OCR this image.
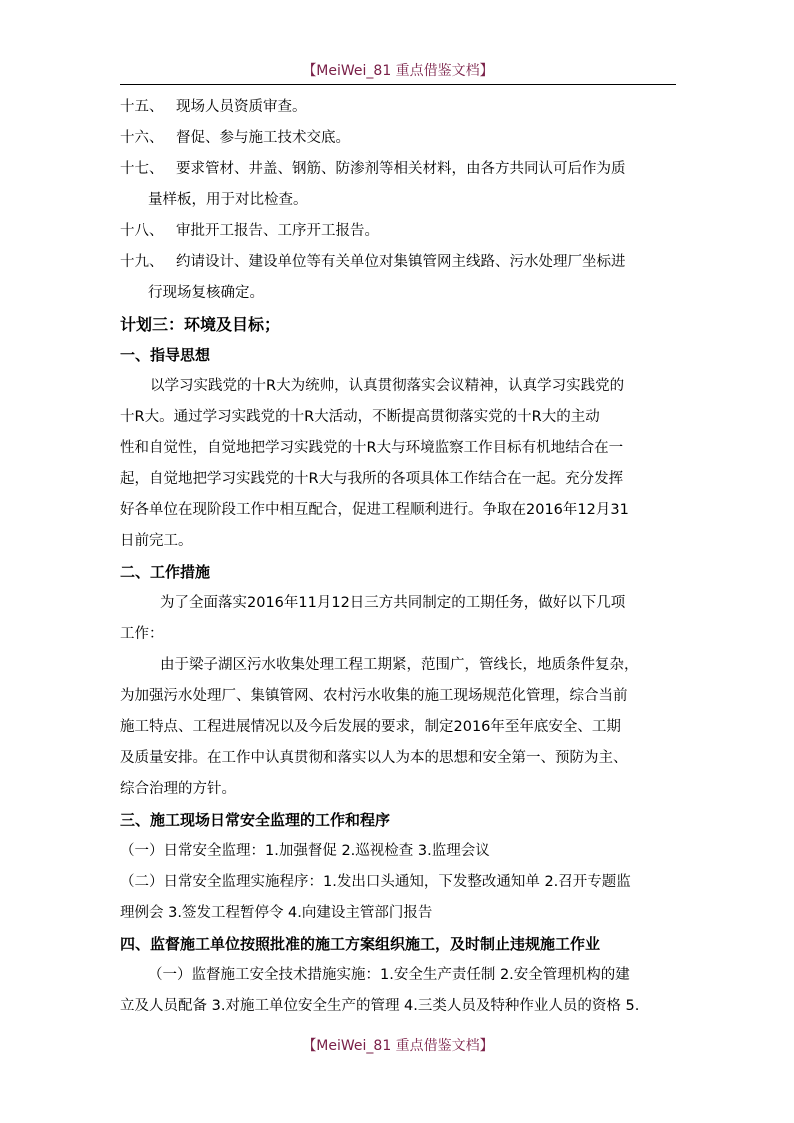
【MeiWei_81 重点借鉴文档】
十五、 现场人员资质审查。
十六、 督促、参与施工技术交底。
十七、 要求管材、井盖、钢筋、防渗剂等相关材料，由各方共同认可后作为质
量样板，用于对比检查。
十八、 审批开工报告、工序开工报告。
十九、 约请设计、建设单位等有关单位对集镇管网主线路、污水处理厂坐标进
行现场复核确定。
计划三：环境及目标；
一、指导思想
以学习实践党的十R大为统帅，认真贯彻落实会议精神，认真学习实践党的
十R大。通过学习实践党的十R大活动，不断提高贯彻落实党的十R大的主动
性和自觉性，自觉地把学习实践党的十R大与环境监察工作目标有机地结合在一
起，自觉地把学习实践党的十R大与我所的各项具体工作结合在一起。充分发挥
好各单位在现阶段工作中相互配合，促进工程顺利进行。争取在2016年12月31
日前完工。
二、工作措施
为了全面落实2016年11月12日三方共同制定的工期任务，做好以下几项
工作：
由于梁子湖区污水收集处理工程工期紧，范围广，管线长，地质条件复杂，
为加强污水处理厂、集镇管网、农村污水收集的施工现场规范化管理，综合当前
施工特点、工程进展情况以及今后发展的要求，制定2016年至年底安全、工期
及质量安排。在工作中认真贯彻和落实以人为本的思想和安全第一、预防为主、
综合治理的方针。
三、施工现场日常安全监理的工作和程序
（一）日常安全监理：1.加强督促 2.巡视检查 3.监理会议
（二）日常安全监理实施程序：1.发出口头通知，下发整改通知单 2.召开专题监
理例会 3.签发工程暂停令 4.向建设主管部门报告
四、监督施工单位按照批准的施工方案组织施工，及时制止违规施工作业
（一）监督施工安全技术措施实施：1.安全生产责任制 2.安全管理机构的建
立及人员配备 3.对施工单位安全生产的管理 4.三类人员及特种作业人员的资格 5.
【MeiWei_81 重点借鉴文档】
